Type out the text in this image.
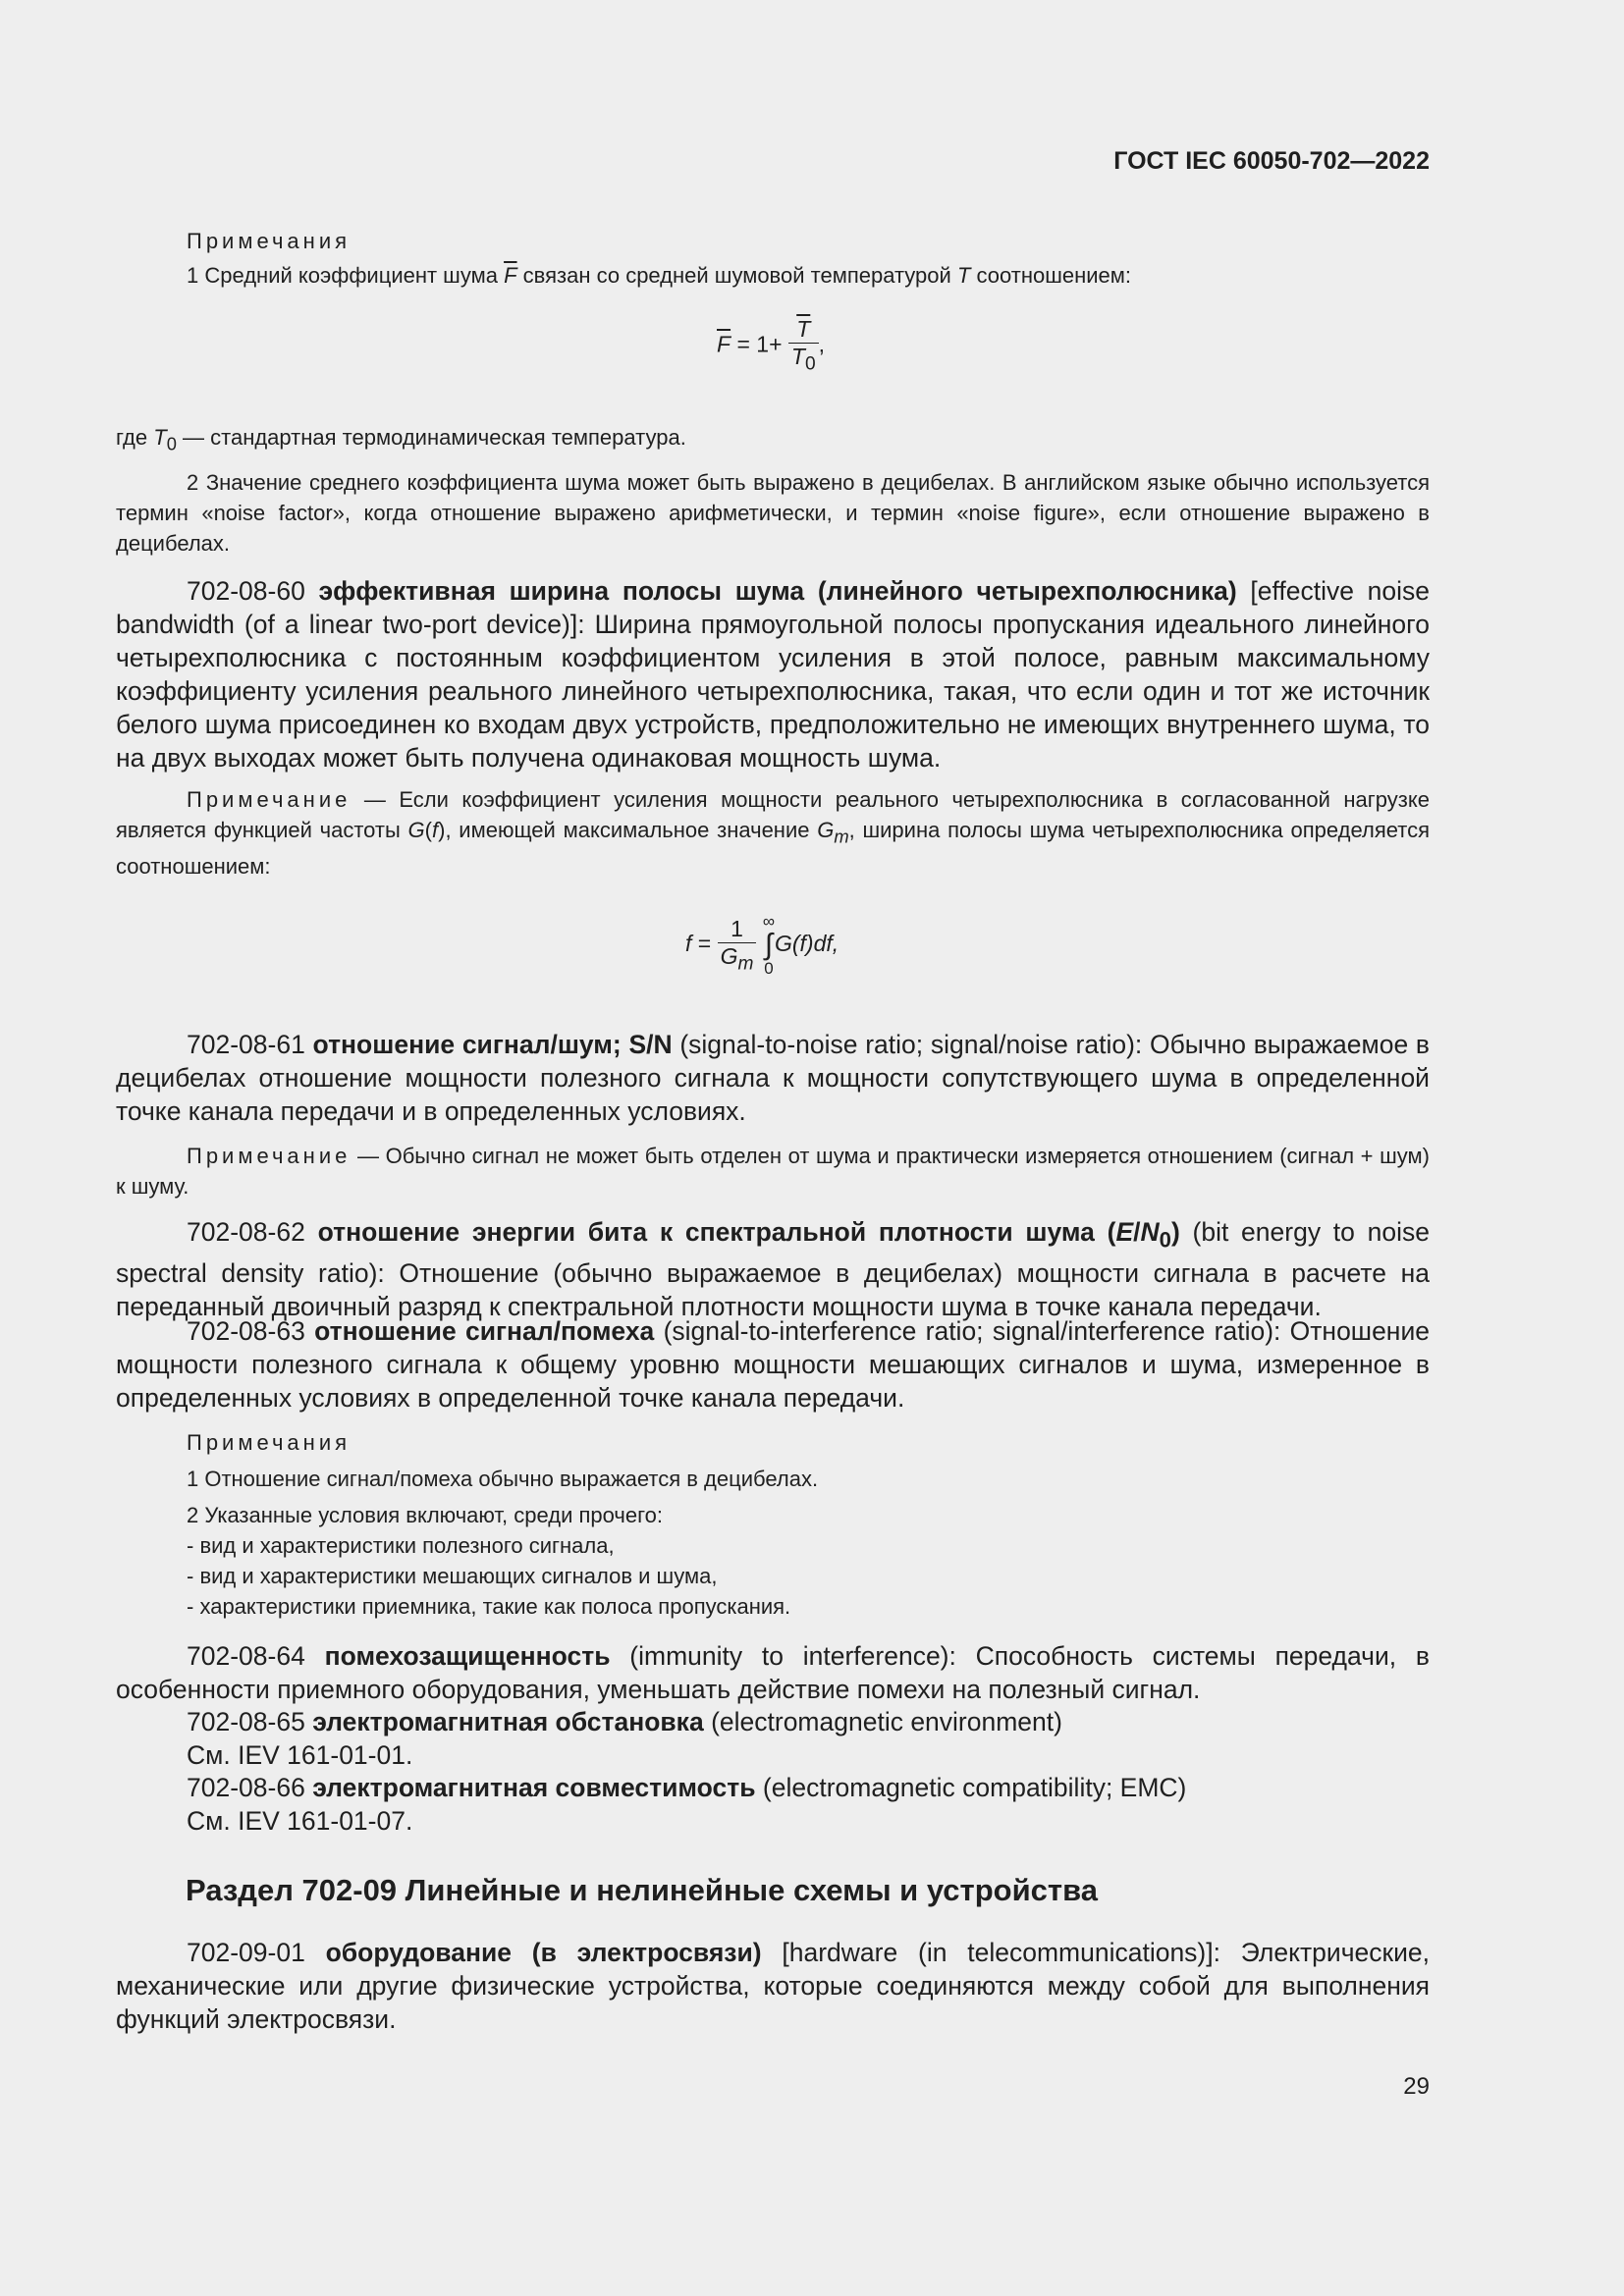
ГОСТ IEC 60050-702—2022
Примечания
1 Средний коэффициент шума $\overline{F}$ связан со средней шумовой температурой T соотношением:
$\overline{F} = 1+ \frac{\overline{T}}{T_0}$ ,
где $T_0$ — стандартная термодинамическая температура.
2 Значение среднего коэффициента шума может быть выражено в децибелах. В английском языке обычно используется термин «noise factor», когда отношение выражено арифметически, и термин «noise figure», если отношение выражено в децибелах.
702-08-60 эффективная ширина полосы шума (линейного четырехполюсника) [effective noise bandwidth (of a linear two-port device)]: Ширина прямоугольной полосы пропускания идеального линейного четырехполюсника с постоянным коэффициентом усиления в этой полосе, равным максимальному коэффициенту усиления реального линейного четырехполюсника, такая, что если один и тот же источник белого шума присоединен ко входам двух устройств, предположительно не имеющих внутреннего шума, то на двух выходах может быть получена одинаковая мощность шума.
Примечание — Если коэффициент усиления мощности реального четырехполюсника в согласованной нагрузке является функцией частоты G(f), имеющей максимальное значение $G_m$, ширина полосы шума четырехполюсника определяется соотношением:
$f = \frac{1}{G_m}$
∞
∫
0
G(f)df,
702-08-61 отношение сигнал/шум; S/N (signal-to-noise ratio; signal/noise ratio): Обычно выражаемое в децибелах отношение мощности полезного сигнала к мощности сопутствующего шума в определенной точке канала передачи и в определенных условиях.
Примечание — Обычно сигнал не может быть отделен от шума и практически измеряется отношением (сигнал + шум) к шуму.
702-08-62 отношение энергии бита к спектральной плотности шума $(E/N_0)$ (bit energy to noise spectral density ratio): Отношение (обычно выражаемое в децибелах) мощности сигнала в расчете на переданный двоичный разряд к спектральной плотности мощности шума в точке канала передачи.
702-08-63 отношение сигнал/помеха (signal-to-interference ratio; signal/interference ratio): Отношение мощности полезного сигнала к общему уровню мощности мешающих сигналов и шума, измеренное в определенных условиях в определенной точке канала передачи.
Примечания
1 Отношение сигнал/помеха обычно выражается в децибелах.
2 Указанные условия включают, среди прочего:
- вид и характеристики полезного сигнала,
- вид и характеристики мешающих сигналов и шума,
- характеристики приемника, такие как полоса пропускания.
702-08-64 помехозащищенность (immunity to interference): Способность системы передачи, в особенности приемного оборудования, уменьшать действие помехи на полезный сигнал.
702-08-65 электромагнитная обстановка (electromagnetic environment)
См. IEV 161-01-01.
702-08-66 электромагнитная совместимость (electromagnetic compatibility; EMC)
См. IEV 161-01-07.
Раздел 702-09 Линейные и нелинейные схемы и устройства
702-09-01 оборудование (в электросвязи) [hardware (in telecommunications)]: Электрические, механические или другие физические устройства, которые соединяются между собой для выполнения функций электросвязи.
29
